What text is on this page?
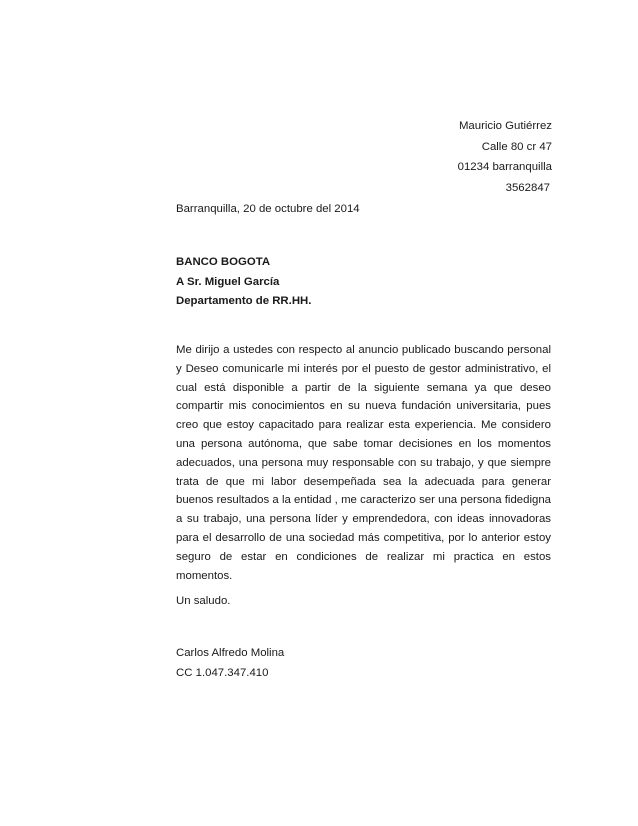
Mauricio Gutiérrez
Calle 80 cr 47
01234 barranquilla
3562847
Barranquilla, 20 de octubre del 2014
BANCO BOGOTA
A Sr. Miguel García
Departamento de RR.HH.

Me dirijo a ustedes con respecto al anuncio publicado buscando personal y Deseo comunicarle mi interés por el puesto de gestor administrativo, el cual está disponible a partir de la siguiente semana ya que deseo compartir mis conocimientos en su nueva fundación universitaria, pues creo que estoy capacitado para realizar esta experiencia. Me considero una persona autónoma, que sabe tomar decisiones en los momentos adecuados, una persona muy responsable con su trabajo, y que siempre trata de que mi labor desempeñada sea la adecuada para generar buenos resultados a la entidad , me caracterizo ser una persona fidedigna a su trabajo, una persona líder y emprendedora, con ideas innovadoras para el desarrollo de una sociedad más competitiva, por lo anterior estoy seguro de estar en condiciones de realizar mi practica en estos momentos.

Un saludo.
Carlos Alfredo Molina
CC 1.047.347.410
